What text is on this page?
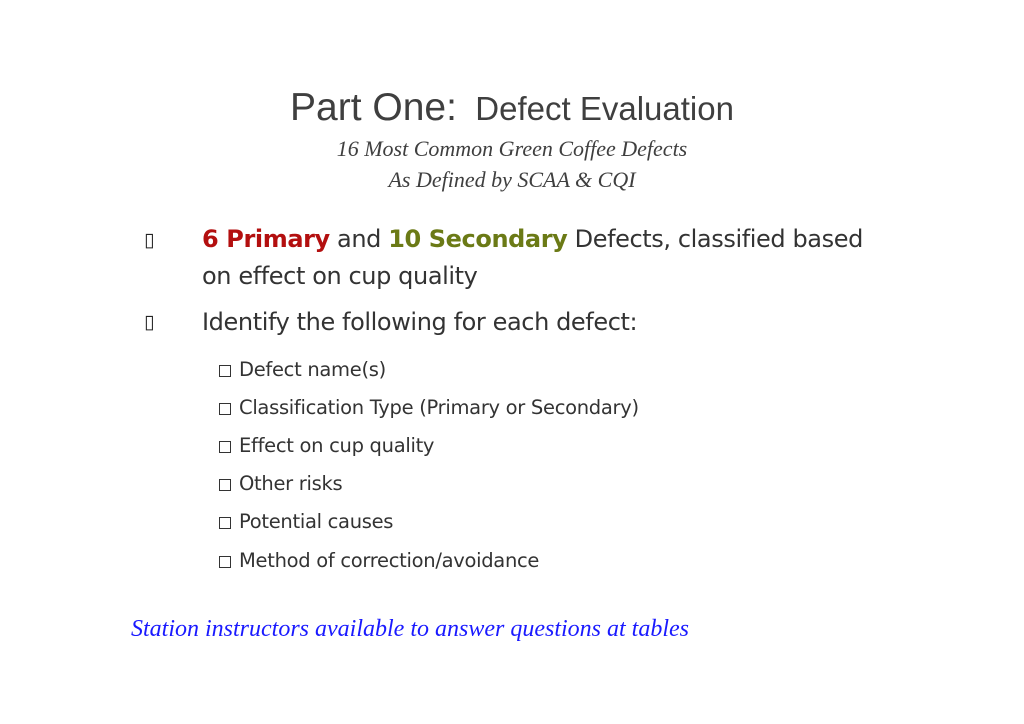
Part One: Defect Evaluation
16 Most Common Green Coffee Defects
As Defined by SCAA & CQI
▯ 6 Primary and 10 Secondary Defects, classified based
on effect on cup quality
▯ Identify the following for each defect:
Defect name(s)
Classification Type (Primary or Secondary)
Effect on cup quality
Other risks
Potential causes
Method of correction/avoidance
Station instructors available to answer questions at tables
